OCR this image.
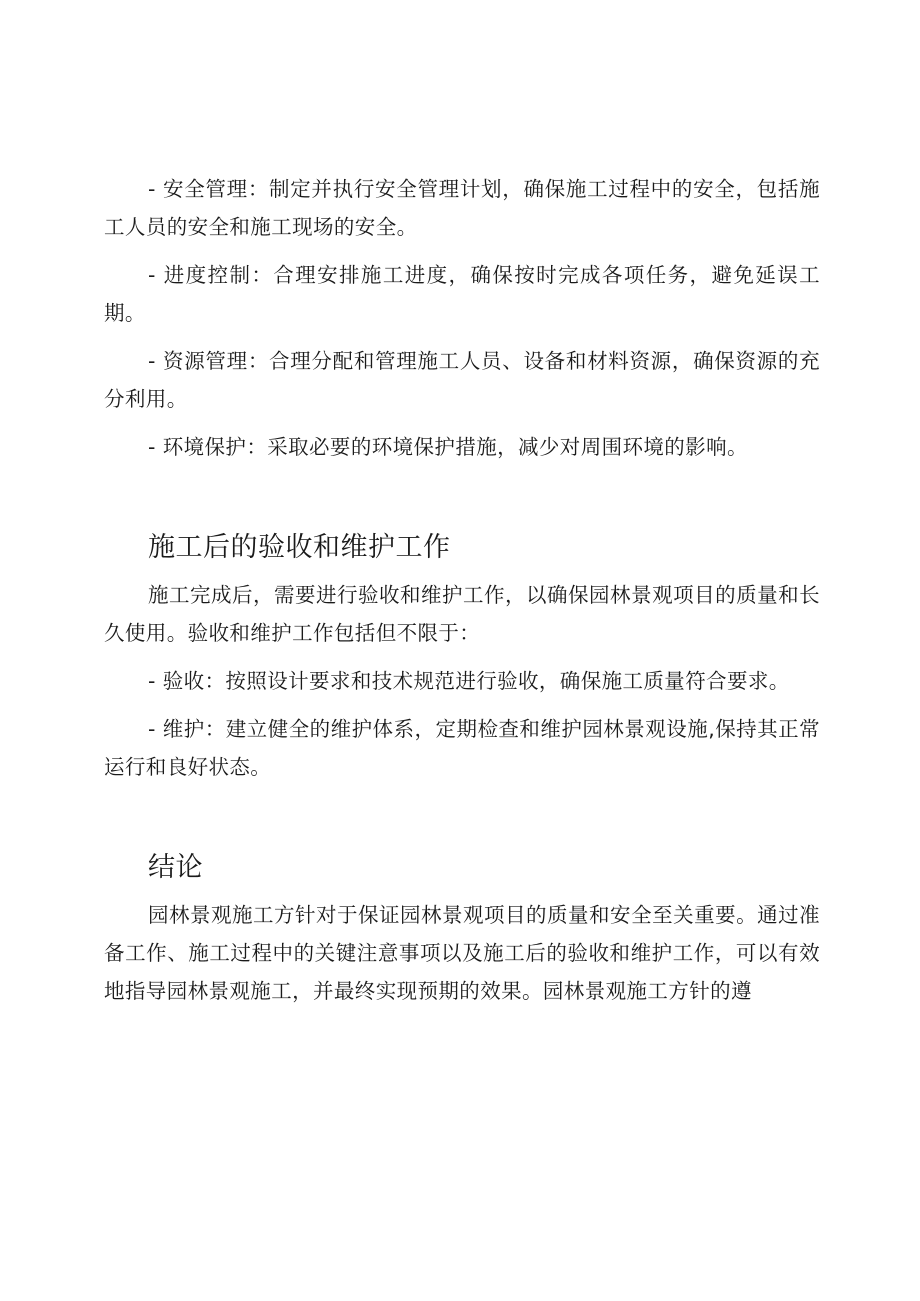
- 安全管理：制定并执行安全管理计划，确保施工过程中的安全，包括施工人员的安全和施工现场的安全。

- 进度控制：合理安排施工进度，确保按时完成各项任务，避免延误工期。

- 资源管理：合理分配和管理施工人员、设备和材料资源，确保资源的充分利用。

- 环境保护：采取必要的环境保护措施，减少对周围环境的影响。

施工后的验收和维护工作

施工完成后，需要进行验收和维护工作，以确保园林景观项目的质量和长久使用。验收和维护工作包括但不限于：

- 验收：按照设计要求和技术规范进行验收，确保施工质量符合要求。

- 维护：建立健全的维护体系，定期检查和维护园林景观设施,保持其正常运行和良好状态。

结论

园林景观施工方针对于保证园林景观项目的质量和安全至关重要。通过准备工作、施工过程中的关键注意事项以及施工后的验收和维护工作，可以有效地指导园林景观施工，并最终实现预期的效果。园林景观施工方针的遵
